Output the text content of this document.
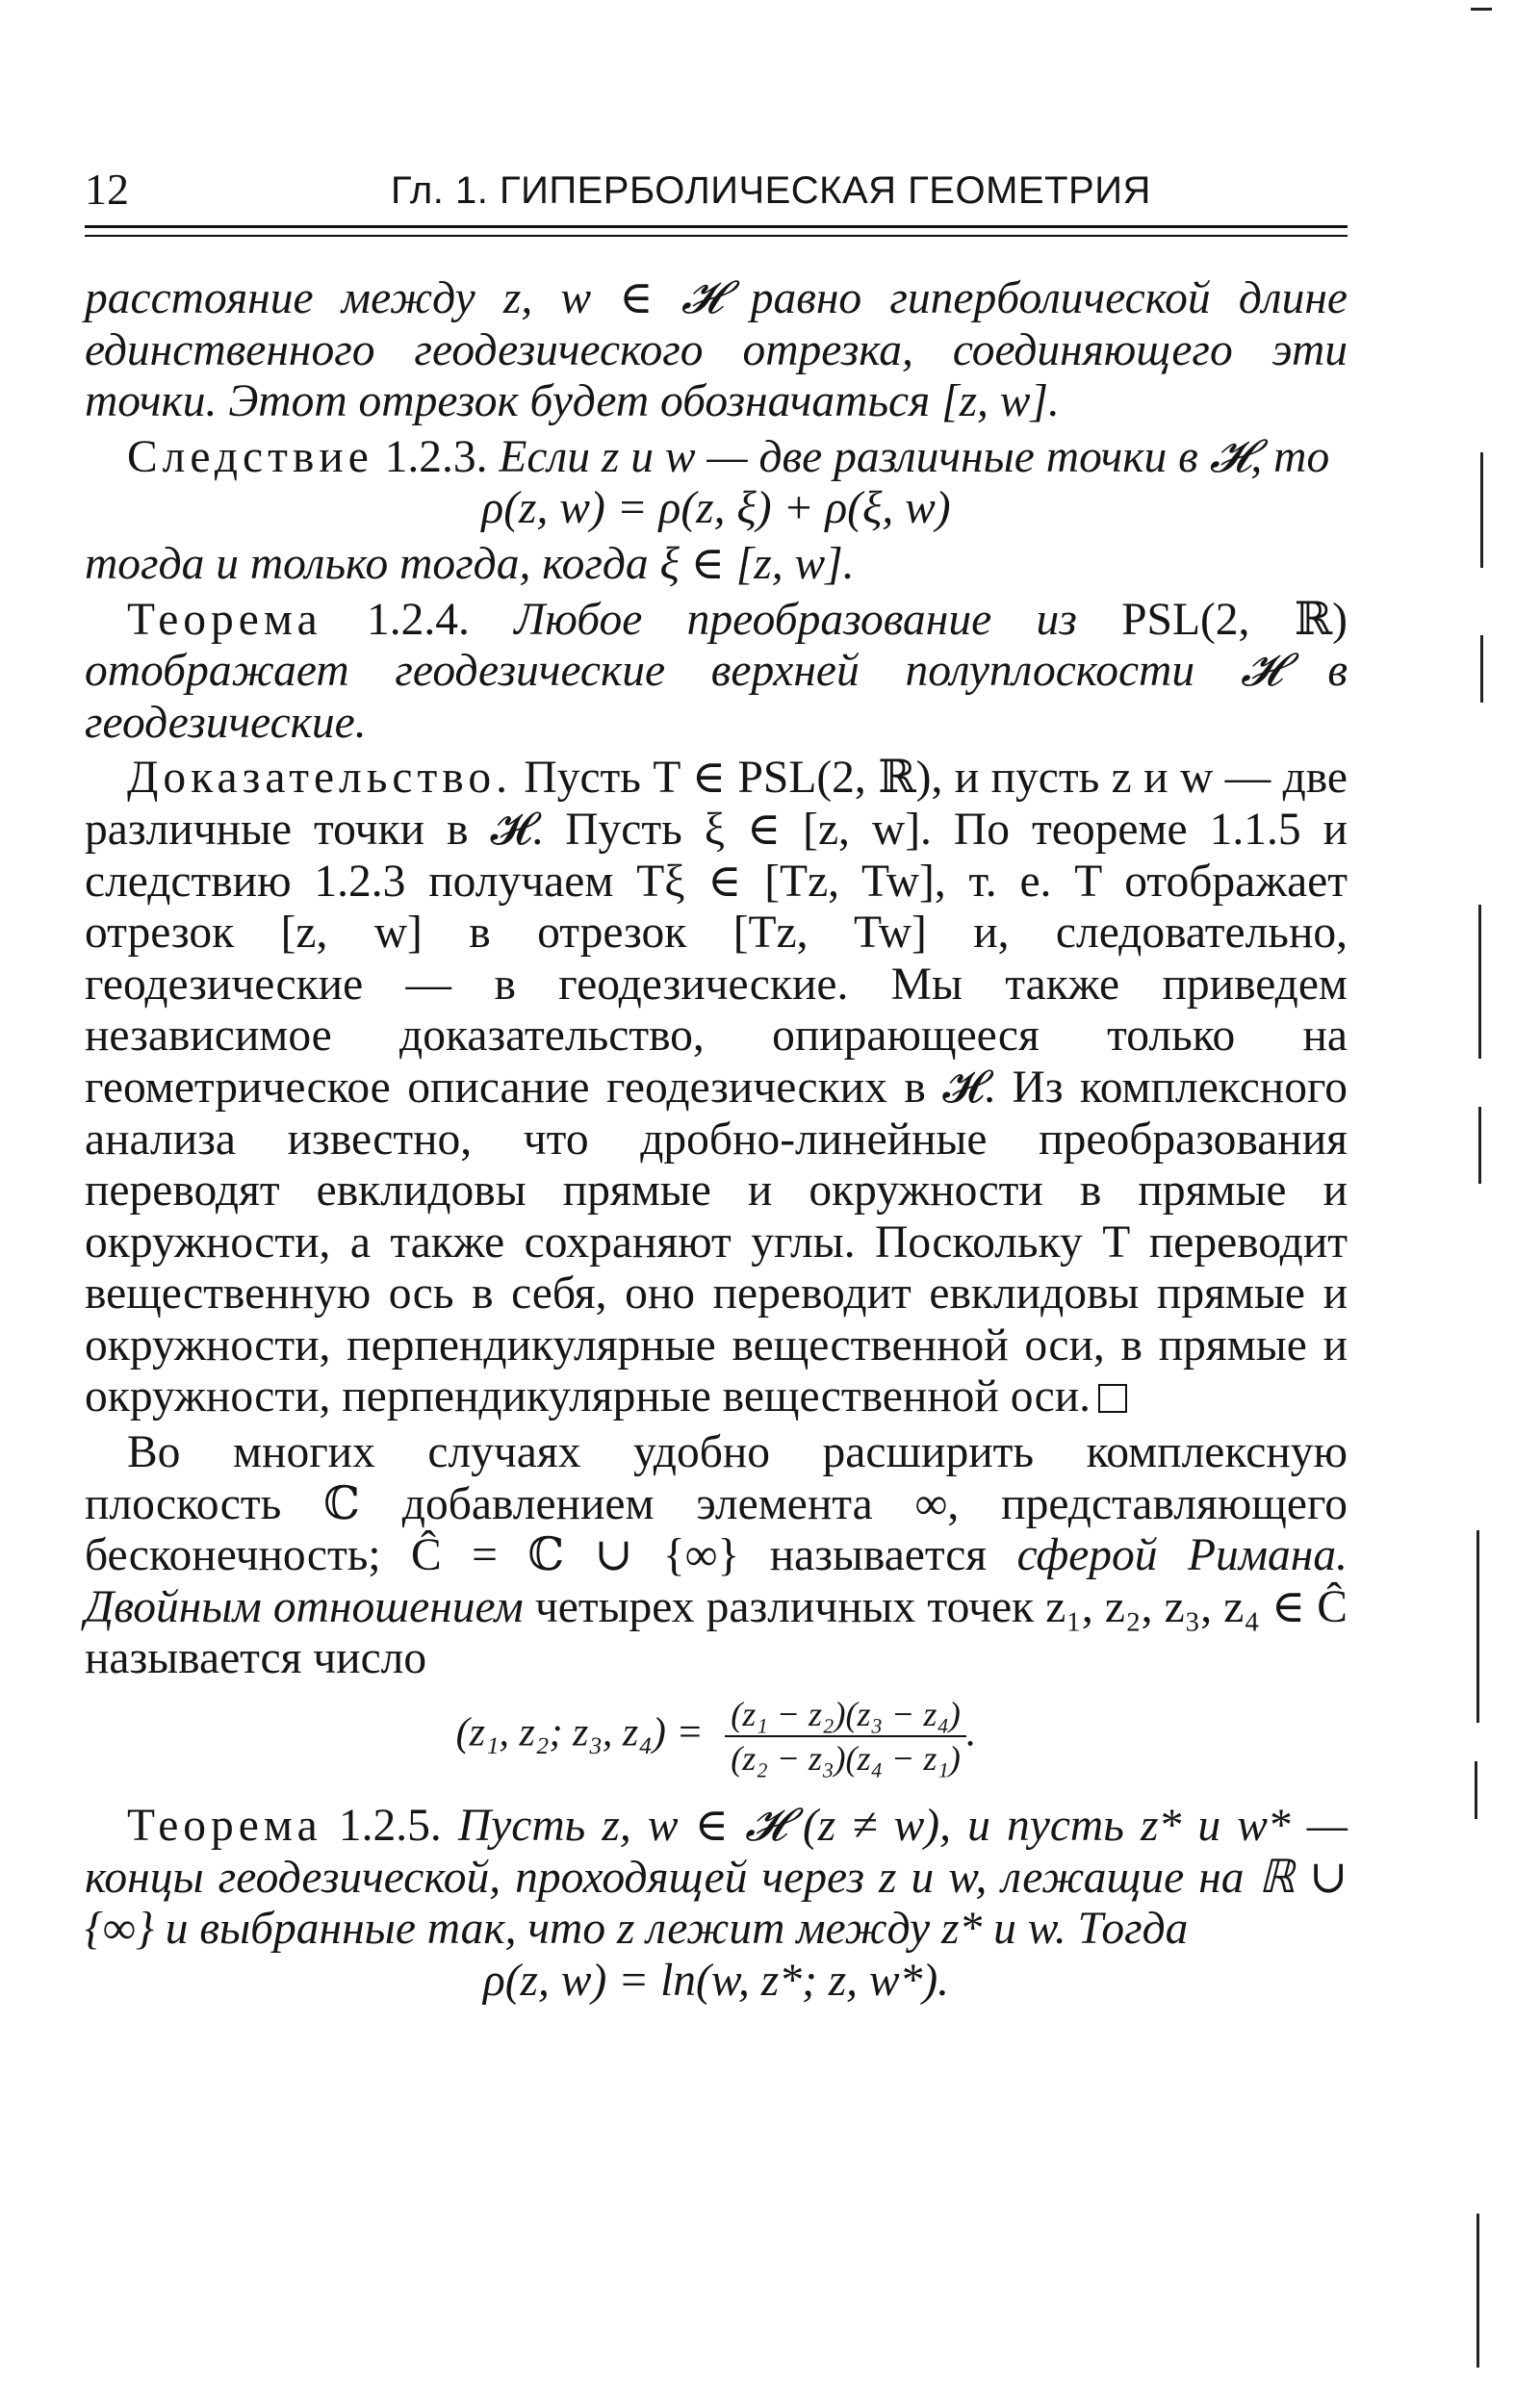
12	Гл. 1. ГИПЕРБОЛИЧЕСКАЯ ГЕОМЕТРИЯ

расстояние между z, w ∈ 𝓗 равно гиперболической длине единственного геодезического отрезка, соединяющего эти точки. Этот отрезок будет обозначаться [z, w].

Следствие 1.2.3. Если z и w — две различные точки в 𝓗, то

ρ(z, w) = ρ(z, ξ) + ρ(ξ, w)

тогда и только тогда, когда ξ ∈ [z, w].

Теорема 1.2.4. Любое преобразование из PSL(2, ℝ) отображает геодезические верхней полуплоскости 𝓗 в геодезические.

Доказательство. Пусть T ∈ PSL(2, ℝ), и пусть z и w — две различные точки в 𝓗. Пусть ξ ∈ [z, w]. По теореме 1.1.5 и следствию 1.2.3 получаем Tξ ∈ [Tz, Tw], т. е. T отображает отрезок [z, w] в отрезок [Tz, Tw] и, следовательно, геодезические — в геодезические. Мы также приведем независимое доказательство, опирающееся только на геометрическое описание геодезических в 𝓗. Из комплексного анализа известно, что дробно-линейные преобразования переводят евклидовы прямые и окружности в прямые и окружности, а также сохраняют углы. Поскольку T переводит вещественную ось в себя, оно переводит евклидовы прямые и окружности, перпендикулярные вещественной оси, в прямые и окружности, перпендикулярные вещественной оси.

Во многих случаях удобно расширить комплексную плоскость ℂ добавлением элемента ∞, представляющего бесконечность; Ĉ = ℂ ∪ {∞} называется сферой Римана. Двойным отношением четырех различных точек z₁, z₂, z₃, z₄ ∈ Ĉ называется число

(z₁, z₂; z₃, $z_4) = \frac{\text{(z₁ − z₂)(z₃ − z₄)}}{\text{(z₂ − z₃)(z₄ − z₁)}}$ .

Теорема 1.2.5. Пусть z, w ∈ 𝓗 (z ≠ w), и пусть z* и w* — концы геодезической, проходящей через z и w, лежащие на ℝ ∪ {∞} и выбранные так, что z лежит между z* и w. Тогда

ρ(z, w) = ln(w, z*; z, w*).
